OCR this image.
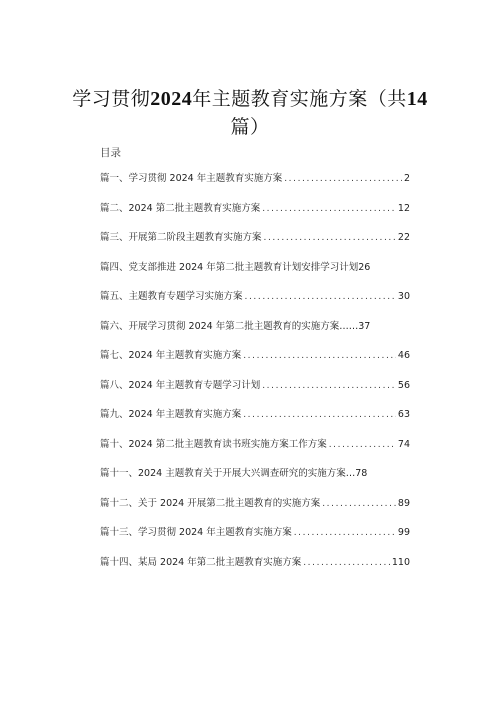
学习贯彻2024年主题教育实施方案（共14
篇）
目录
篇一、学习贯彻 2024 年主题教育实施方案 .....	2
篇二、2024 第二批主题教育实施方案 .....	12
篇三、开展第二阶段主题教育实施方案 .....	22
篇四、党支部推进 2024 年第二批主题教育计划安排学习计划 26
篇五、主题教育专题学习实施方案 .....	30
篇六、开展学习贯彻 2024 年第二批主题教育的实施方案…… 37
篇七、2024 年主题教育实施方案 .....	46
篇八、2024 年主题教育专题学习计划 .....	56
篇九、2024 年主题教育实施方案 .....	63
篇十、2024 第二批主题教育读书班实施方案工作方案 .....	74
篇十一、2024 主题教育关于开展大兴调查研究的实施方案… 78
篇十二、关于 2024 开展第二批主题教育的实施方案 .....	89
篇十三、学习贯彻 2024 年主题教育实施方案 .....	99
篇十四、某局 2024 年第二批主题教育实施方案 .....	110
